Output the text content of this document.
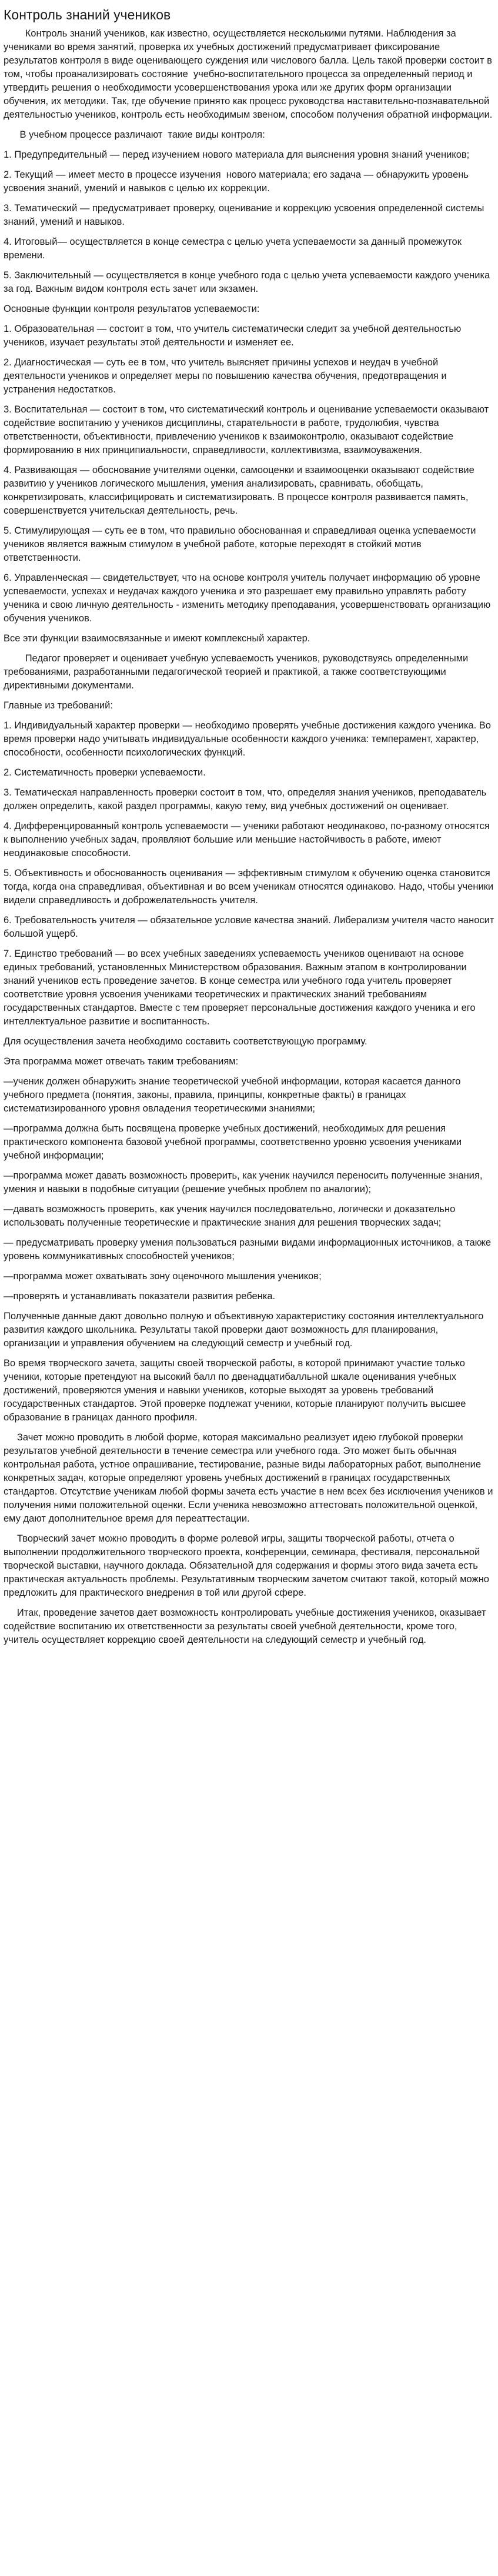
Контроль знаний учеников

Контроль знаний учеников, как известно, осуществляется несколькими путями. Наблюдения за учениками во время занятий, проверка их учебных достижений предусматривает фиксирование результатов контроля в виде оценивающего суждения или числового балла. Цель такой проверки состоит в том, чтобы проанализировать состояние  учебно-воспитательного процесса за определенный период и утвердить решения о необходимости усовершенствования урока или же других форм организации обучения, их методики. Так, где обучение принято как процесс руководства наставительно-познавательной деятельностью учеников, контроль есть необходимым звеном, способом получения обратной информации.

В учебном процессе различают  такие виды контроля:

1. Предупредительный — перед изучением нового материала для выяснения уровня знаний учеников;

2. Текущий — имеет место в процессе изучения  нового материала; его задача — обнаружить уровень усвоения знаний, умений и навыков с целью их коррекции.

3. Тематический — предусматривает проверку, оценивание и коррекцию усвоения определенной системы знаний, умений и навыков.

4. Итоговый— осуществляется в конце семестра с целью учета успеваемости за данный промежуток времени.

5. Заключительный — осуществляется в конце учебного года с целью учета успеваемости каждого ученика за год. Важным видом контроля есть зачет или экзамен.

Основные функции контроля результатов успеваемости:

1. Образовательная — состоит в том, что учитель систематически следит за учебной деятельностью учеников, изучает результаты этой деятельности и изменяет ее.

2. Диагностическая — суть ее в том, что учитель выясняет причины успехов и неудач в учебной деятельности учеников и определяет меры по повышению качества обучения, предотвращения и устранения недостатков.

3. Воспитательная — состоит в том, что систематический контроль и оценивание успеваемости оказывают содействие воспитанию у учеников дисциплины, старательности в работе, трудолюбия, чувства ответственности, объективности, привлечению учеников к взаимоконтролю, оказывают содействие формированию в них принципиальности, справедливости, коллективизма, взаимоуважения.

4. Развивающая — обоснование учителями оценки, самооценки и взаимооценки оказывают содействие развитию у учеников логического мышления, умения анализировать, сравнивать, обобщать, конкретизировать, классифицировать и систематизировать. В процессе контроля развивается память, совершенствуется учительская деятельность, речь.

5. Стимулирующая — суть ее в том, что правильно обоснованная и справедливая оценка успеваемости учеников является важным стимулом в учебной работе, которые переходят в стойкий мотив ответственности.

6. Управленческая — свидетельствует, что на основе контроля учитель получает информацию об уровне успеваемости, успехах и неудачах каждого ученика и это разрешает ему правильно управлять работу ученика и свою личную деятельность - изменить методику преподавания, усовершенствовать организацию обучения учеников.

Все эти функции взаимосвязанные и имеют комплексный характер.

Педагог проверяет и оценивает учебную успеваемость учеников, руководствуясь определенными требованиями, разработанными педагогической теорией и практикой, а также соответствующими директивными документами.

Главные из требований:

1. Индивидуальный характер проверки — необходимо проверять учебные достижения каждого ученика. Во время проверки надо учитывать индивидуальные особенности каждого ученика: темперамент, характер, способности, особенности психологических функций.

2. Систематичность проверки успеваемости.

3. Тематическая направленность проверки состоит в том, что, определяя знания учеников, преподаватель должен определить, какой раздел программы, какую тему, вид учебных достижений он оценивает.

4. Дифференцированный контроль успеваемости — ученики работают неодинаково, по-разному относятся к выполнению учебных задач, проявляют большие или меньшие настойчивость в работе, имеют неодинаковые способности.

5. Объективность и обоснованность оценивания — эффективным стимулом к обучению оценка становится тогда, когда она справедливая, объективная и во всем ученикам относятся одинаково. Надо, чтобы ученики видели справедливость и доброжелательность учителя.

6. Требовательность учителя — обязательное условие качества знаний. Либерализм учителя часто наносит большой ущерб.

7. Единство требований — во всех учебных заведениях успеваемость учеников оценивают на основе единых требований, установленных Министерством образования. Важным этапом в контролировании знаний учеников есть проведение зачетов. В конце семестра или учебного года учитель проверяет соответствие уровня усвоения учениками теоретических и практических знаний требованиям государственных стандартов. Вместе с тем проверяет персональные достижения каждого ученика и его интеллектуальное развитие и воспитанность.

Для осуществления зачета необходимо составить соответствующую программу.

Эта программа может отвечать таким требованиям:

—ученик должен обнаружить знание теоретической учебной информации, которая касается данного учебного предмета (понятия, законы, правила, принципы, конкретные факты) в границах систематизированного уровня овладения теоретическими знаниями;

—программа должна быть посвящена проверке учебных достижений, необходимых для решения практического компонента базовой учебной программы, соответственно уровню усвоения учениками учебной информации;

—программа может давать возможность проверить, как ученик научился переносить полученные знания, умения и навыки в подобные ситуации (решение учебных проблем по аналогии);

—давать возможность проверить, как ученик научился последовательно, логически и доказательно использовать полученные теоретические и практические знания для решения творческих задач;

— предусматривать проверку умения пользоваться разными видами информационных источников, а также уровень коммуникативных способностей учеников;

—программа может охватывать зону оценочного мышления учеников;

—проверять и устанавливать показатели развития ребенка.

Полученные данные дают довольно полную и объективную характеристику состояния интеллектуального развития каждого школьника. Результаты такой проверки дают возможность для планирования, организации и управления обучением на следующий семестр и учебный год.

Во время творческого зачета, защиты своей творческой работы, в которой принимают участие только ученики, которые претендуют на высокий балл по двенадцатибалльной шкале оценивания учебных достижений, проверяются умения и навыки учеников, которые выходят за уровень требований государственных стандартов. Этой проверке подлежат ученики, которые планируют получить высшее образование в границах данного профиля.

Зачет можно проводить в любой форме, которая максимально реализует идею глубокой проверки результатов учебной деятельности в течение семестра или учебного года. Это может быть обычная контрольная работа, устное опрашивание, тестирование, разные виды лабораторных работ, выполнение конкретных задач, которые определяют уровень учебных достижений в границах государственных стандартов. Отсутствие ученикам любой формы зачета есть участие в нем всех без исключения учеников и получения ними положительной оценки. Если ученика невозможно аттестовать положительной оценкой, ему дают дополнительное время для переаттестации.

Творческий зачет можно проводить в форме ролевой игры, защиты творческой работы, отчета о выполнении продолжительного творческого проекта, конференции, семинара, фестиваля, персональной творческой выставки, научного доклада. Обязательной для содержания и формы этого вида зачета есть практическая актуальность проблемы. Результативным творческим зачетом считают такой, который можно предложить для практического внедрения в той или другой сфере.

Итак, проведение зачетов дает возможность контролировать учебные достижения учеников, оказывает содействие воспитанию их ответственности за результаты своей учебной деятельности, кроме того, учитель осуществляет коррекцию своей деятельности на следующий семестр и учебный год.
